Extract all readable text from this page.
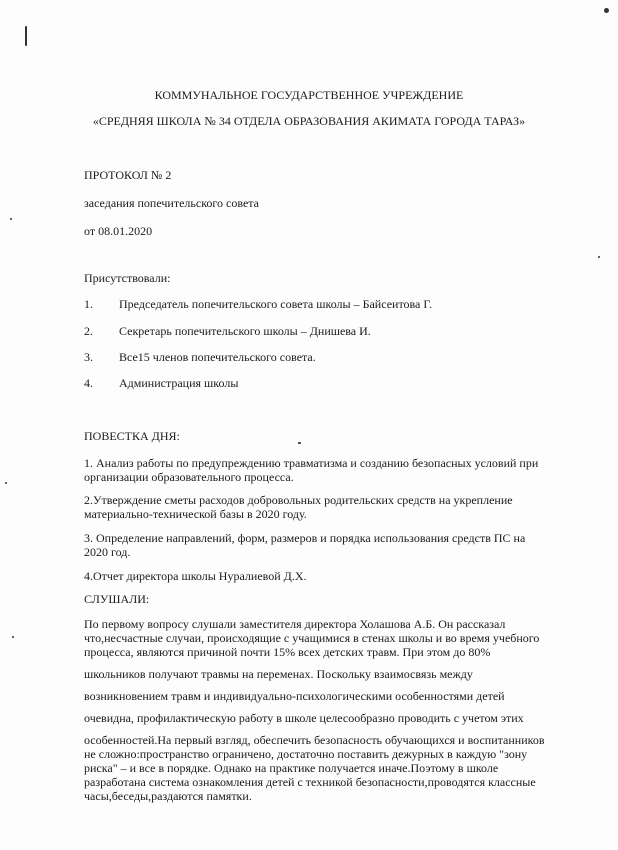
КОММУНАЛЬНОЕ ГОСУДАРСТВЕННОЕ УЧРЕЖДЕНИЕ
«СРЕДНЯЯ ШКОЛА № 34 ОТДЕЛА ОБРАЗОВАНИЯ АКИМАТА ГОРОДА ТАРАЗ»
ПРОТОКОЛ № 2
заседания попечительского совета
от 08.01.2020
Присутствовали:
1. Председатель попечительского совета школы – Байсеитова Г.
2. Секретарь попечительского школы – Днишева И.
3. Все15 членов попечительского совета.
4. Администрация школы
ПОВЕСТКА ДНЯ:
1. Анализ работы по предупреждению травматизма и созданию безопасных условий при
организации образовательного процесса.
2.Утверждение сметы расходов добровольных родительских средств на укрепление
материально-технической базы в 2020 году.
3. Определение направлений, форм, размеров и порядка использования средств ПС на
2020 год.
4.Отчет директора школы Нуралиевой Д.Х.
СЛУШАЛИ:
По первому вопросу слушали заместителя директора Холашова А.Б. Он рассказал
что,несчастные случаи, происходящие с учащимися в стенах школы и во время учебного
процесса, являются причиной почти 15% всех детских травм. При этом до 80%
школьников получают травмы на переменах. Поскольку взаимосвязь между
возникновением травм и индивидуально-психологическими особенностями детей
очевидна, профилактическую работу в школе целесообразно проводить с учетом этих
особенностей.На первый взгляд, обеспечить безопасность обучающихся и воспитанников
не сложно:пространство ограничено, достаточно поставить дежурных в каждую "зону
риска" – и все в порядке. Однако на практике получается иначе.Поэтому в школе
разработана система ознакомления детей с техникой безопасности,проводятся классные
часы,беседы,раздаются памятки.
